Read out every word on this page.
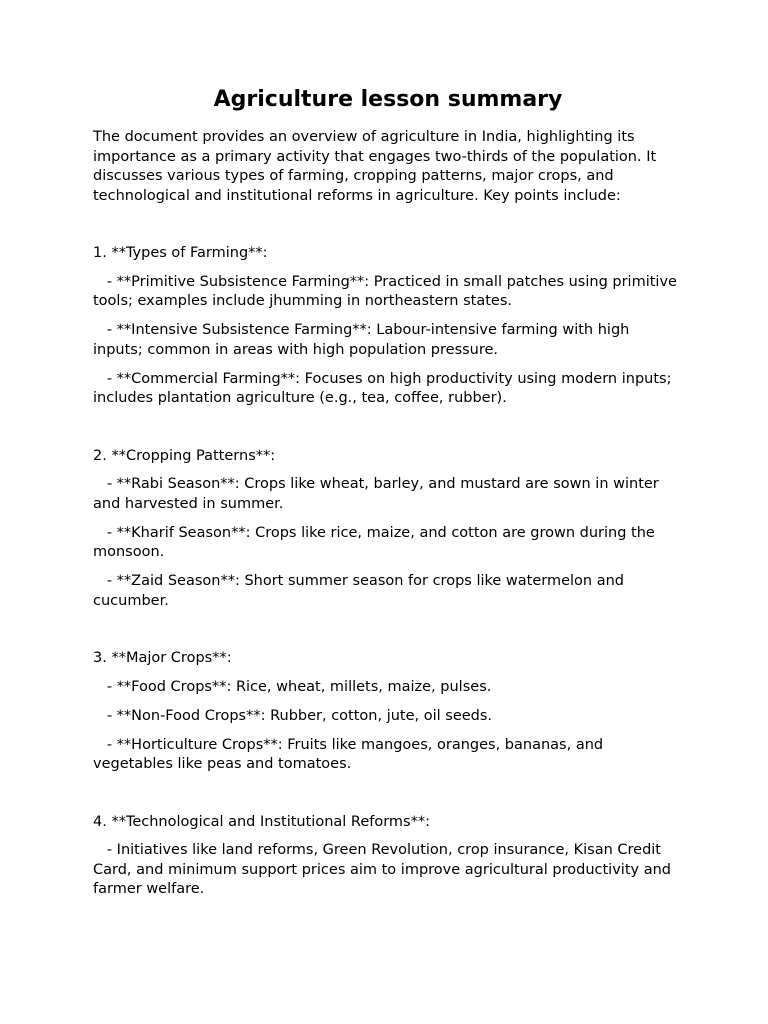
Agriculture lesson summary

The document provides an overview of agriculture in India, highlighting its importance as a primary activity that engages two-thirds of the population. It discusses various types of farming, cropping patterns, major crops, and technological and institutional reforms in agriculture. Key points include:

1. **Types of Farming**:

- **Primitive Subsistence Farming**: Practiced in small patches using primitive tools; examples include jhumming in northeastern states.

- **Intensive Subsistence Farming**: Labour-intensive farming with high inputs; common in areas with high population pressure.

- **Commercial Farming**: Focuses on high productivity using modern inputs; includes plantation agriculture (e.g., tea, coffee, rubber).

2. **Cropping Patterns**:

- **Rabi Season**: Crops like wheat, barley, and mustard are sown in winter and harvested in summer.

- **Kharif Season**: Crops like rice, maize, and cotton are grown during the monsoon.

- **Zaid Season**: Short summer season for crops like watermelon and cucumber.

3. **Major Crops**:

- **Food Crops**: Rice, wheat, millets, maize, pulses.

- **Non-Food Crops**: Rubber, cotton, jute, oil seeds.

- **Horticulture Crops**: Fruits like mangoes, oranges, bananas, and vegetables like peas and tomatoes.

4. **Technological and Institutional Reforms**:

- Initiatives like land reforms, Green Revolution, crop insurance, Kisan Credit Card, and minimum support prices aim to improve agricultural productivity and farmer welfare.
